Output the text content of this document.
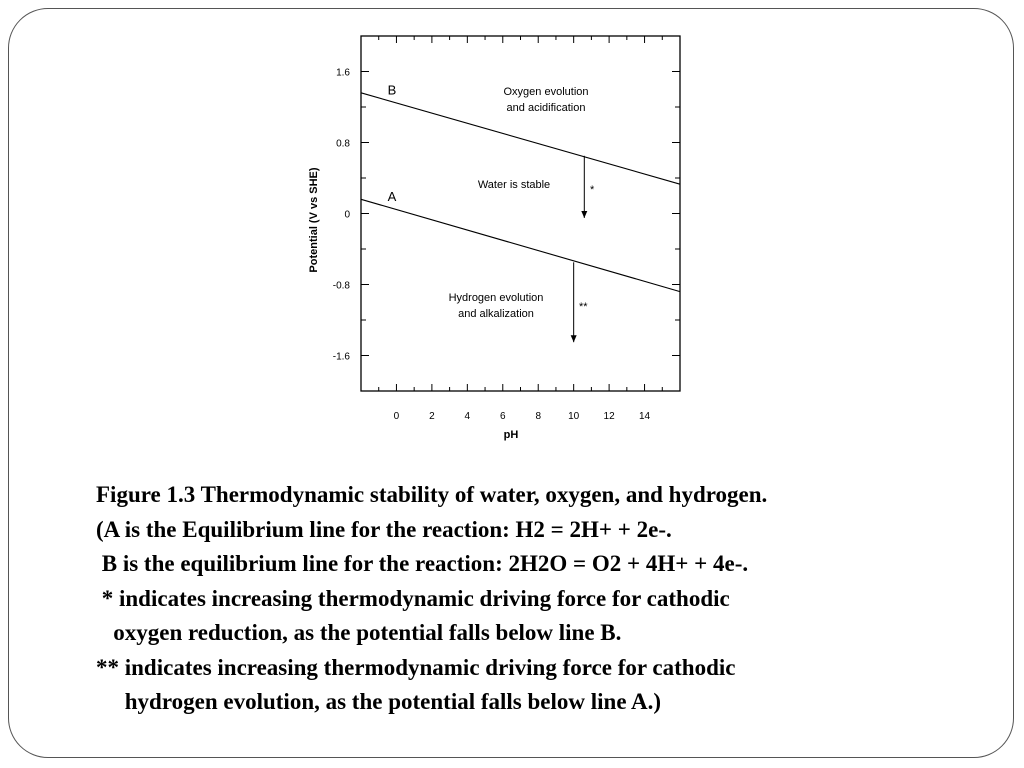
0	2	4	6	8	10 12 14
1.6
0.8
0
-0.8
-1.6
pH
Potential (V vs SHE)
B
A
Oxygen evolution
and acidification
Water is stable
Hydrogen evolution
and alkalization
*
**
Figure 1.3 Thermodynamic stability of water, oxygen, and hydrogen.
(A is the Equilibrium line for the reaction: H2 = 2H+ + 2e-.
B is the equilibrium line for the reaction: 2H2O = O2 + 4H+ + 4e-.
* indicates increasing thermodynamic driving force for cathodic
oxygen reduction, as the potential falls below line B.
** indicates increasing thermodynamic driving force for cathodic
hydrogen evolution, as the potential falls below line A.)
